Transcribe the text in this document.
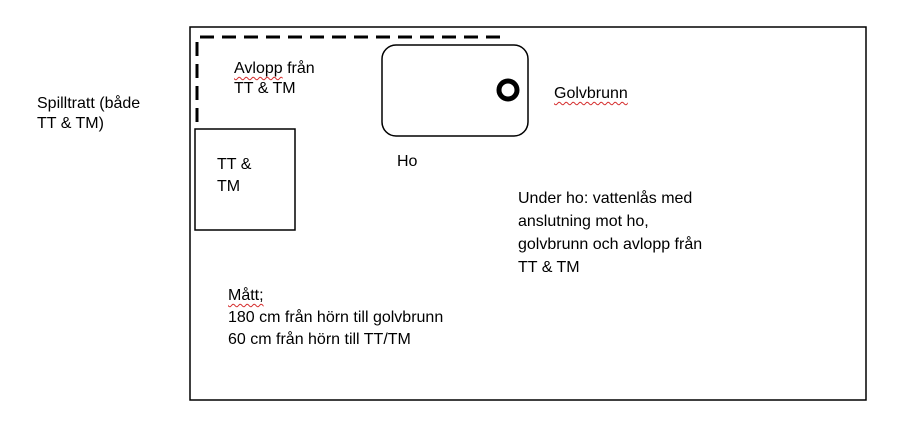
Spilltratt (både
TT & TM)
Avlopp från
TT & TM	Golvbrunn
TT &
TM
Ho
Under ho: vattenlås med
anslutning mot ho,
golvbrunn och avlopp från
TT & TM
Mått;
180 cm från hörn till golvbrunn
60 cm från hörn till TT/TM
